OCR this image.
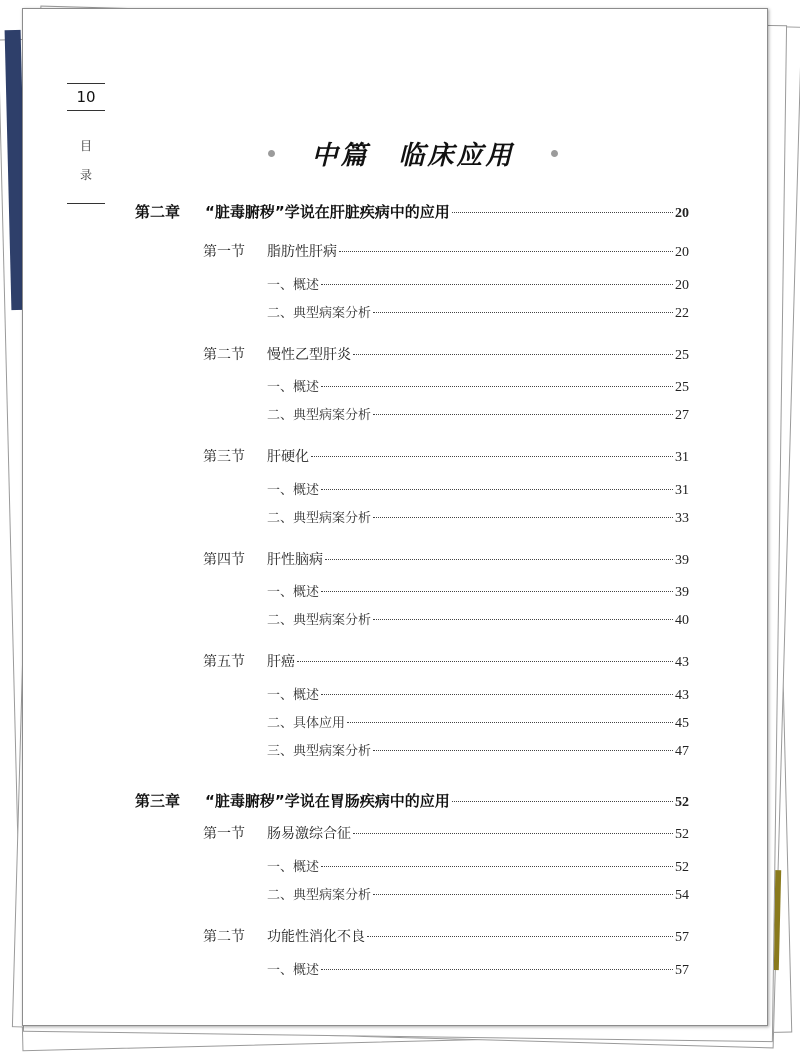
10
目
录
中篇　临床应用
第二章	“脏毒腑秽”学说在肝脏疾病中的应用	20
第一节	脂肪性肝病	20
一、概述	20
二、典型病案分析	22
第二节	慢性乙型肝炎	25
一、概述	25
二、典型病案分析	27
第三节	肝硬化	31
一、概述	31
二、典型病案分析	33
第四节	肝性脑病	39
一、概述	39
二、典型病案分析	40
第五节	肝癌	43
一、概述	43
二、具体应用	45
三、典型病案分析	47
第三章	“脏毒腑秽”学说在胃肠疾病中的应用	52
第一节	肠易激综合征	52
一、概述	52
二、典型病案分析	54
第二节	功能性消化不良	57
一、概述	57
